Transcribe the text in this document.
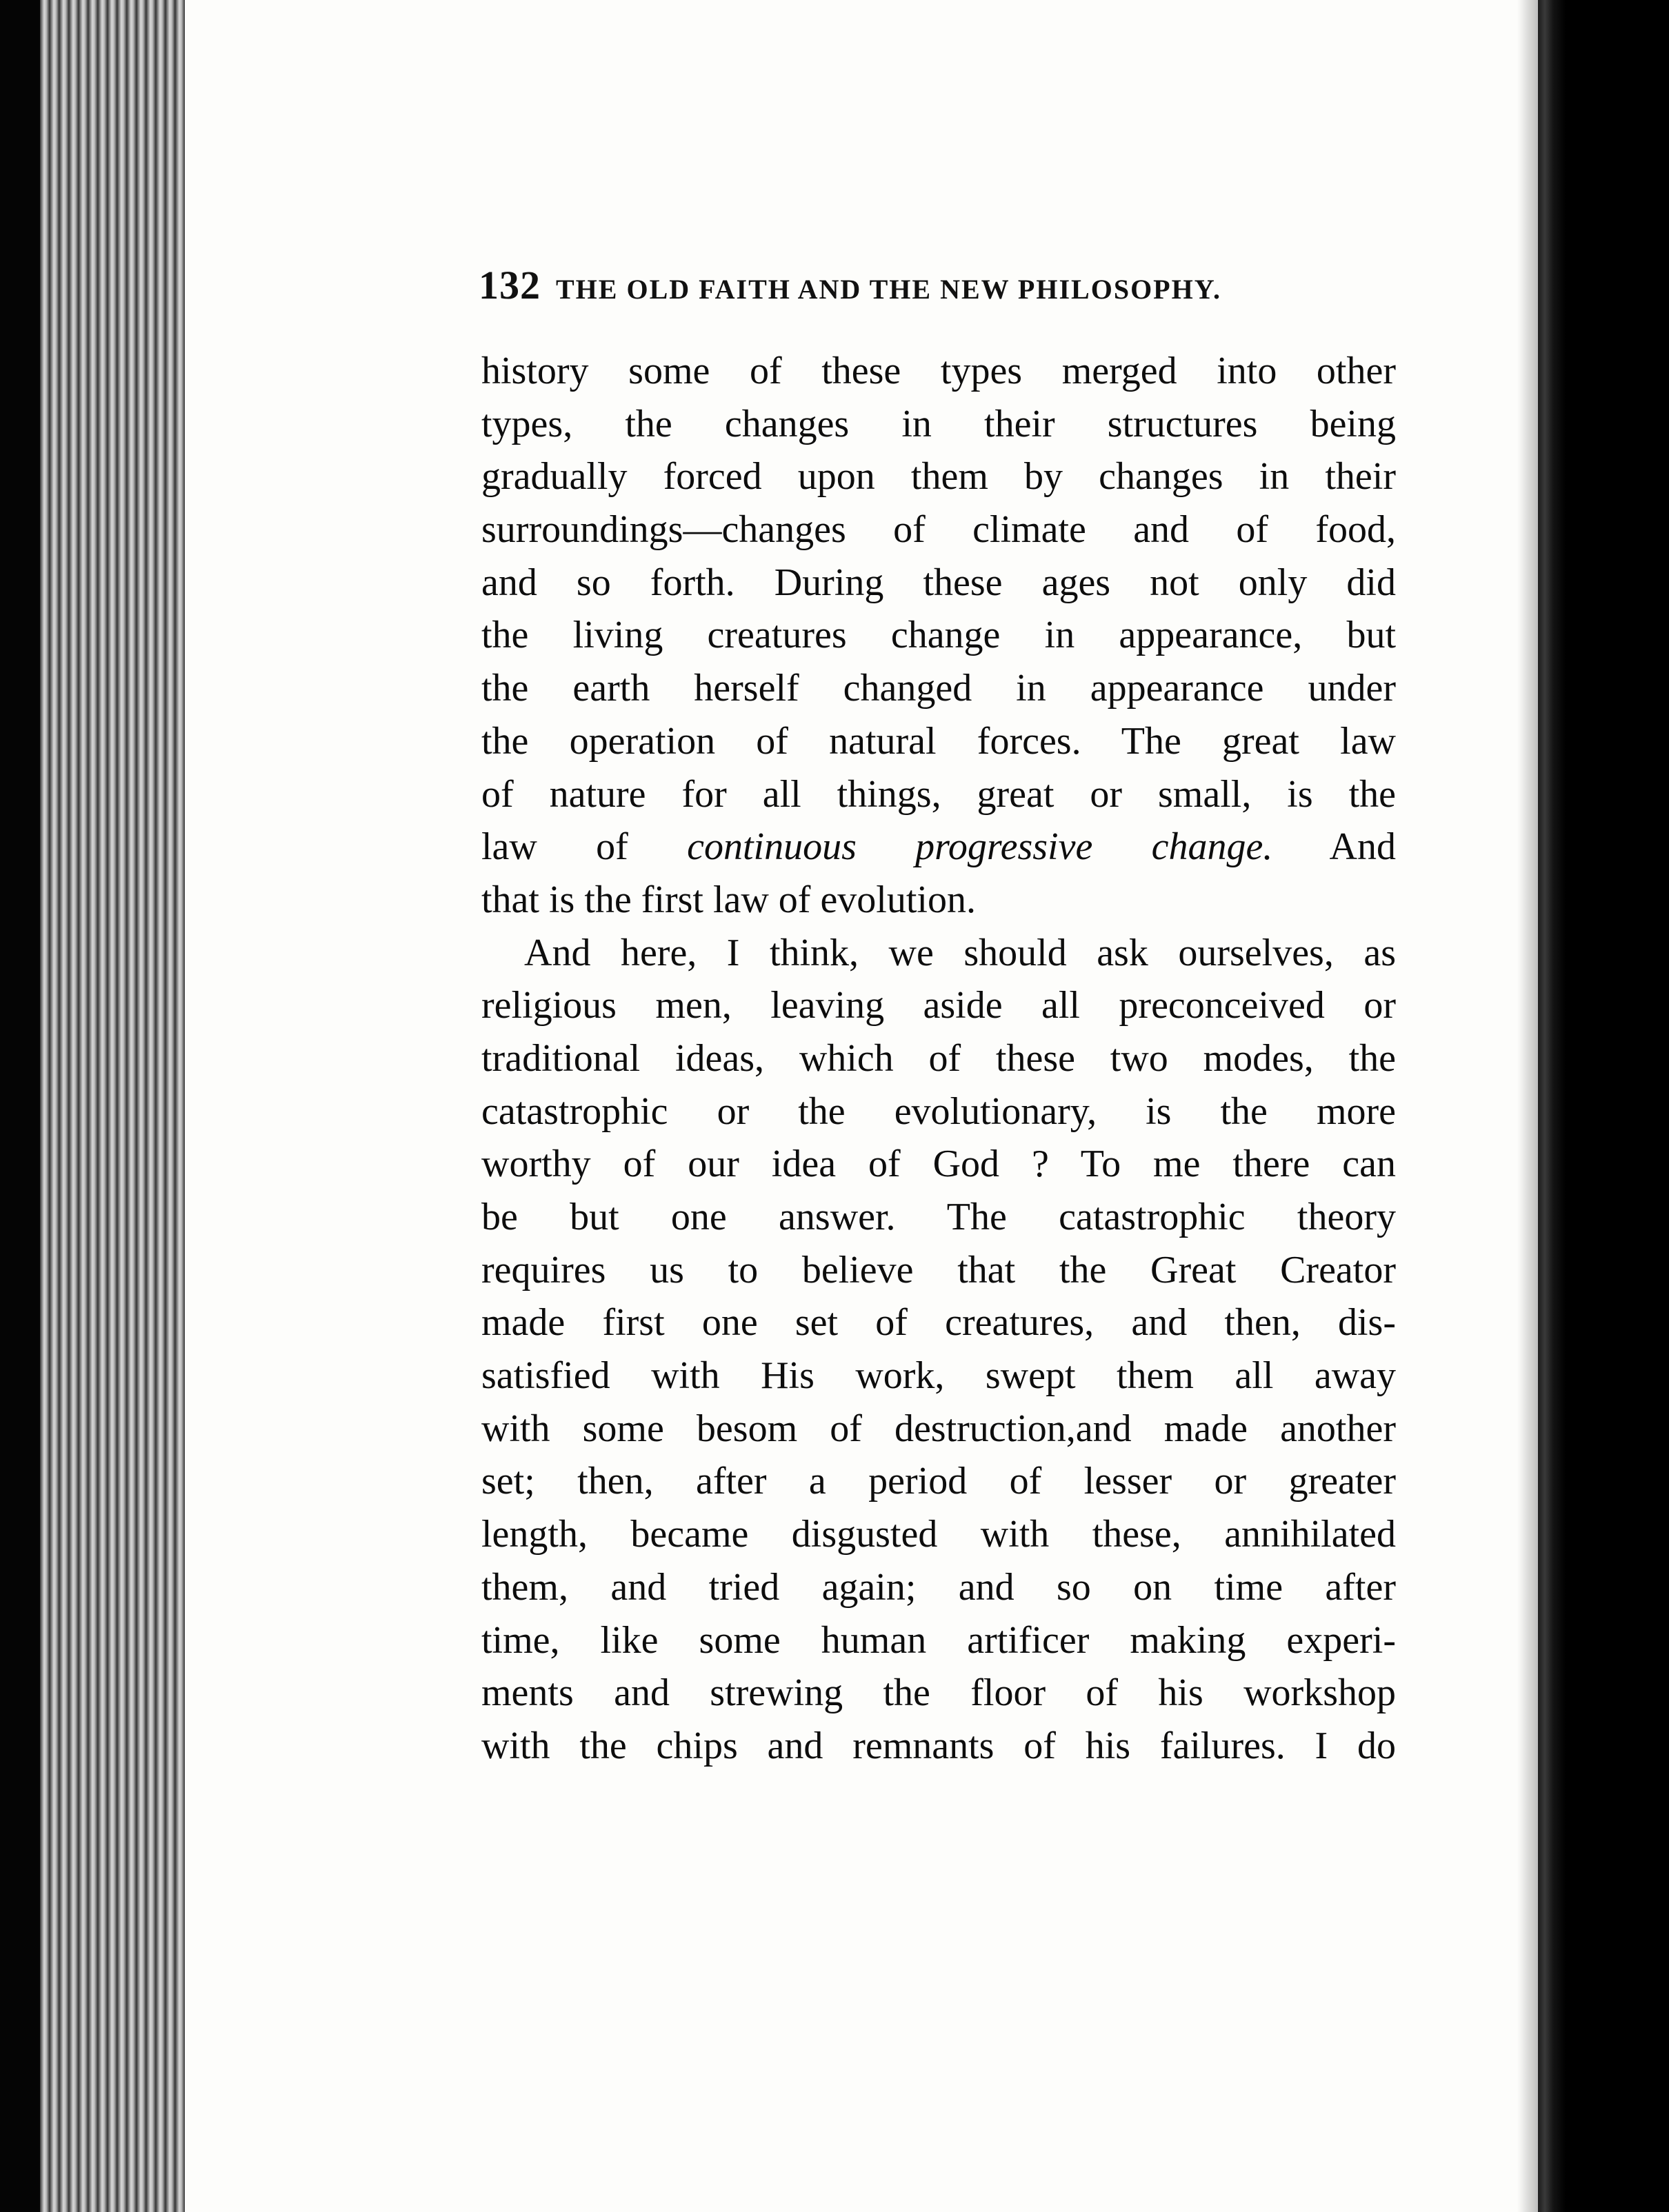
132 THE OLD FAITH AND THE NEW PHILOSOPHY.
history some of these types merged into other
types, the changes in their structures being
gradually forced upon them by changes in their
surroundings—changes of climate and of food,
and so forth. During these ages not only did
the living creatures change in appearance, but
the earth herself changed in appearance under
the operation of natural forces. The great law
of nature for all things, great or small, is the
law of continuous progressive change. And
that is the first law of evolution.
And here, I think, we should ask ourselves, as
religious men, leaving aside all preconceived or
traditional ideas, which of these two modes, the
catastrophic or the evolutionary, is the more
worthy of our idea of God ? To me there can
be but one answer. The catastrophic theory
requires us to believe that the Great Creator
made first one set of creatures, and then, dis-
satisfied with His work, swept them all away
with some besom of destruction,and made another
set; then, after a period of lesser or greater
length, became disgusted with these, annihilated
them, and tried again; and so on time after
time, like some human artificer making experi-
ments and strewing the floor of his workshop
with the chips and remnants of his failures. I do
